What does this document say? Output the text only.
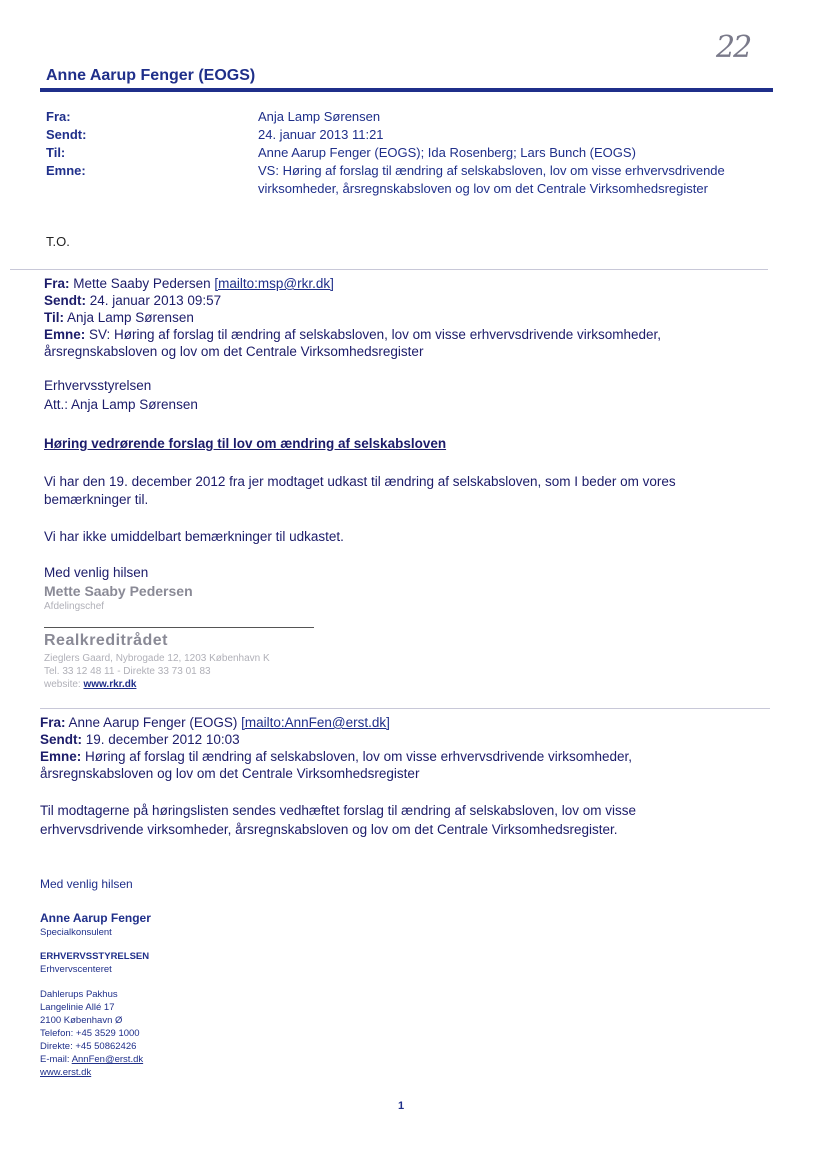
22
Anne Aarup Fenger (EOGS)
Fra:	Anja Lamp Sørensen
Sendt:	24. januar 2013 11:21
Til:	Anne Aarup Fenger (EOGS); Ida Rosenberg; Lars Bunch (EOGS)
Emne:	VS: Høring af forslag til ændring af selskabsloven, lov om visse erhvervsdrivende
virksomheder, årsregnskabsloven og lov om det Centrale Virksomhedsregister
T.O.
Fra: Mette Saaby Pedersen [mailto:msp@rkr.dk]
Sendt: 24. januar 2013 09:57
Til: Anja Lamp Sørensen
Emne: SV: Høring af forslag til ændring af selskabsloven, lov om visse erhvervsdrivende virksomheder,
årsregnskabsloven og lov om det Centrale Virksomhedsregister
Erhvervsstyrelsen
Att.: Anja Lamp Sørensen
Høring vedrørende forslag til lov om ændring af selskabsloven
Vi har den 19. december 2012 fra jer modtaget udkast til ændring af selskabsloven, som I beder om vores
bemærkninger til.
Vi har ikke umiddelbart bemærkninger til udkastet.
Med venlig hilsen
Mette Saaby Pedersen
Afdelingschef
Realkreditrådet
Zieglers Gaard, Nybrogade 12, 1203 København K
Tel. 33 12 48 11 - Direkte 33 73 01 83
website: www.rkr.dk
Fra: Anne Aarup Fenger (EOGS) [mailto:AnnFen@erst.dk]
Sendt: 19. december 2012 10:03
Emne: Høring af forslag til ændring af selskabsloven, lov om visse erhvervsdrivende virksomheder,
årsregnskabsloven og lov om det Centrale Virksomhedsregister
Til modtagerne på høringslisten sendes vedhæftet forslag til ændring af selskabsloven, lov om visse
erhvervsdrivende virksomheder, årsregnskabsloven og lov om det Centrale Virksomhedsregister.
Med venlig hilsen
Anne Aarup Fenger
Specialkonsulent
ERHVERVSSTYRELSEN
Erhvervscenteret
Dahlerups Pakhus
Langelinie Allé 17
2100 København Ø
Telefon: +45 3529 1000
Direkte: +45 50862426
E-mail: AnnFen@erst.dk
www.erst.dk
1
